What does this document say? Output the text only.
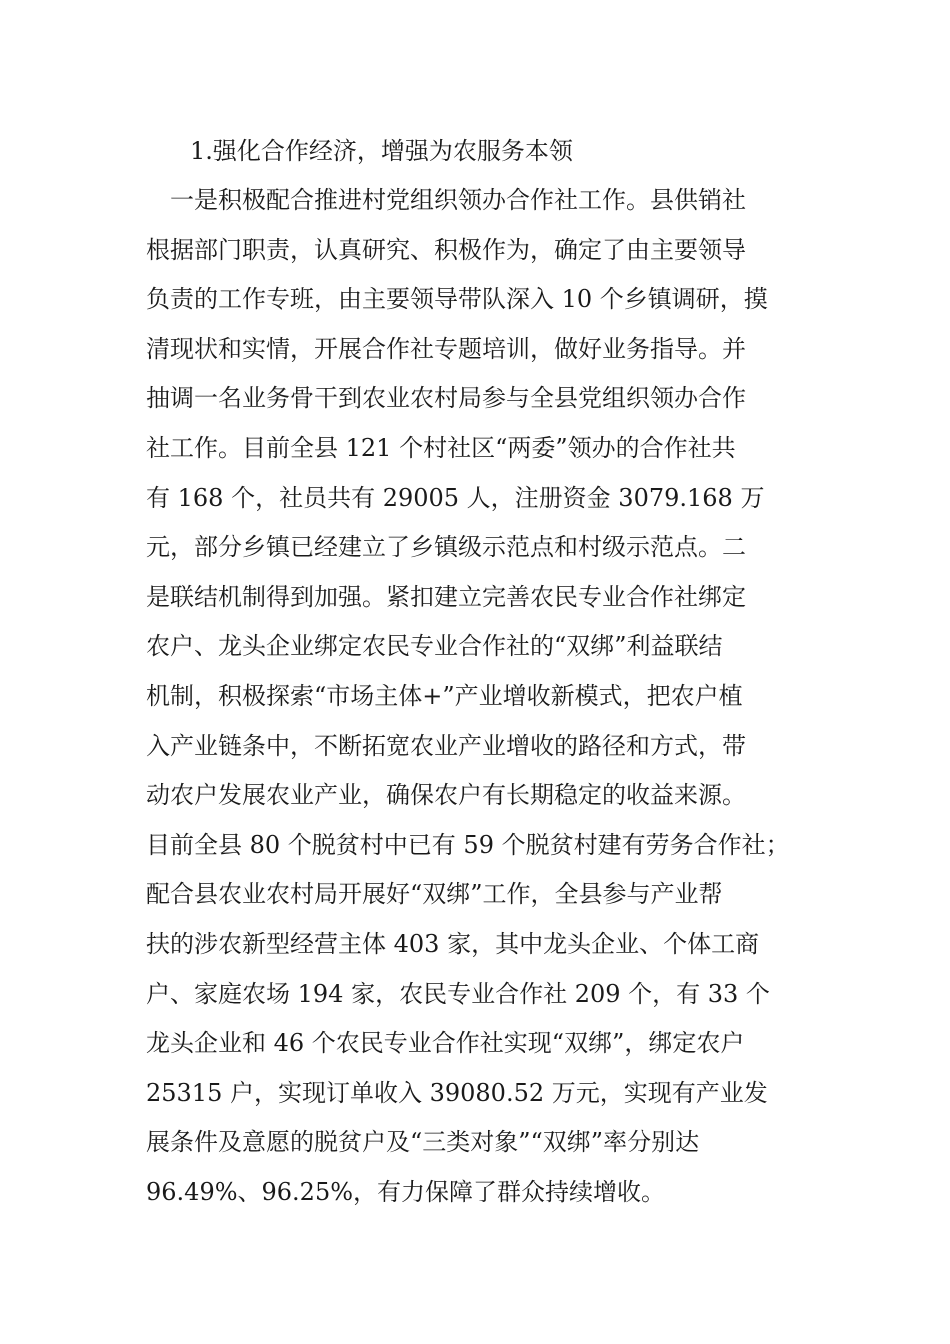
1.强化合作经济，增强为农服务本领
　一是积极配合推进村党组织领办合作社工作。县供销社
根据部门职责，认真研究、积极作为，确定了由主要领导
负责的工作专班，由主要领导带队深入 10 个乡镇调研，摸
清现状和实情，开展合作社专题培训，做好业务指导。并
抽调一名业务骨干到农业农村局参与全县党组织领办合作
社工作。目前全县 121 个村社区“两委”领办的合作社共
有 168 个，社员共有 29005 人，注册资金 3079.168 万
元，部分乡镇已经建立了乡镇级示范点和村级示范点。二
是联结机制得到加强。紧扣建立完善农民专业合作社绑定
农户、龙头企业绑定农民专业合作社的“双绑”利益联结
机制，积极探索“市场主体+”产业增收新模式，把农户植
入产业链条中，不断拓宽农业产业增收的路径和方式，带
动农户发展农业产业，确保农户有长期稳定的收益来源。
目前全县 80 个脱贫村中已有 59 个脱贫村建有劳务合作社；
配合县农业农村局开展好“双绑”工作，全县参与产业帮
扶的涉农新型经营主体 403 家，其中龙头企业、个体工商
户、家庭农场 194 家，农民专业合作社 209 个，有 33 个
龙头企业和 46 个农民专业合作社实现“双绑”，绑定农户
25315 户，实现订单收入 39080.52 万元，实现有产业发
展条件及意愿的脱贫户及“三类对象”“双绑”率分别达
96.49%、96.25%，有力保障了群众持续增收。
